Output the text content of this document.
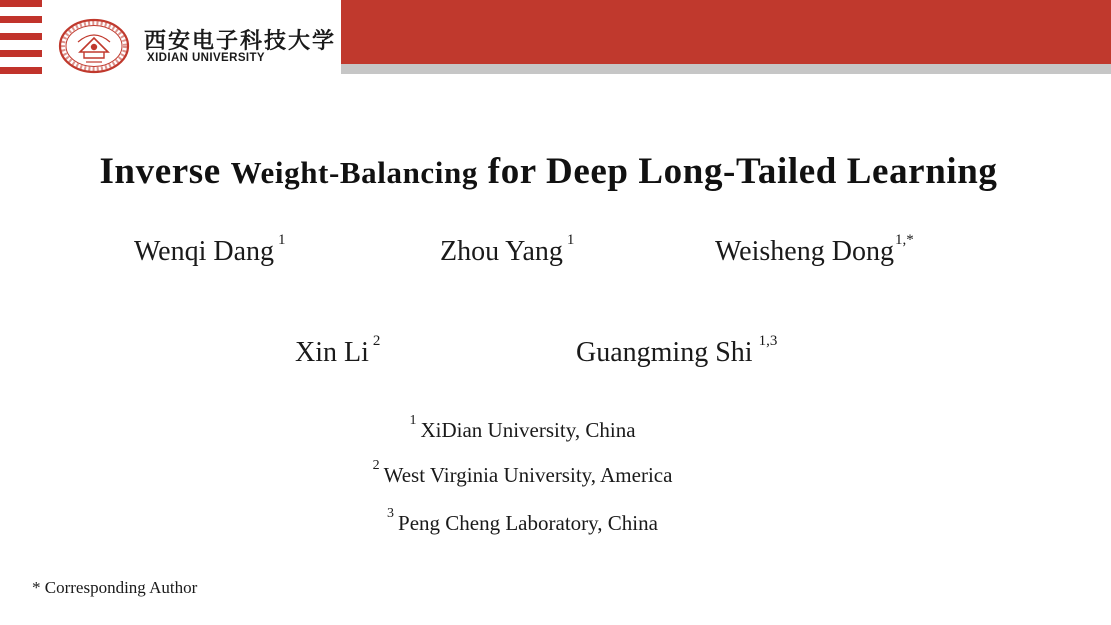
西安电子科技大学
XIDIAN UNIVERSITY
Inverse Weight-Balancing for Deep Long-Tailed Learning
Wenqi Dang $^1$	Zhou Yang $^1$	Weisheng Dong$^{1,*}$
Xin Li $^2$	Guangming Shi $^{1,3}$
$^1$ XiDian University, China
$^2$ West Virginia University, America
$^3$ Peng Cheng Laboratory, China
* Corresponding Author
